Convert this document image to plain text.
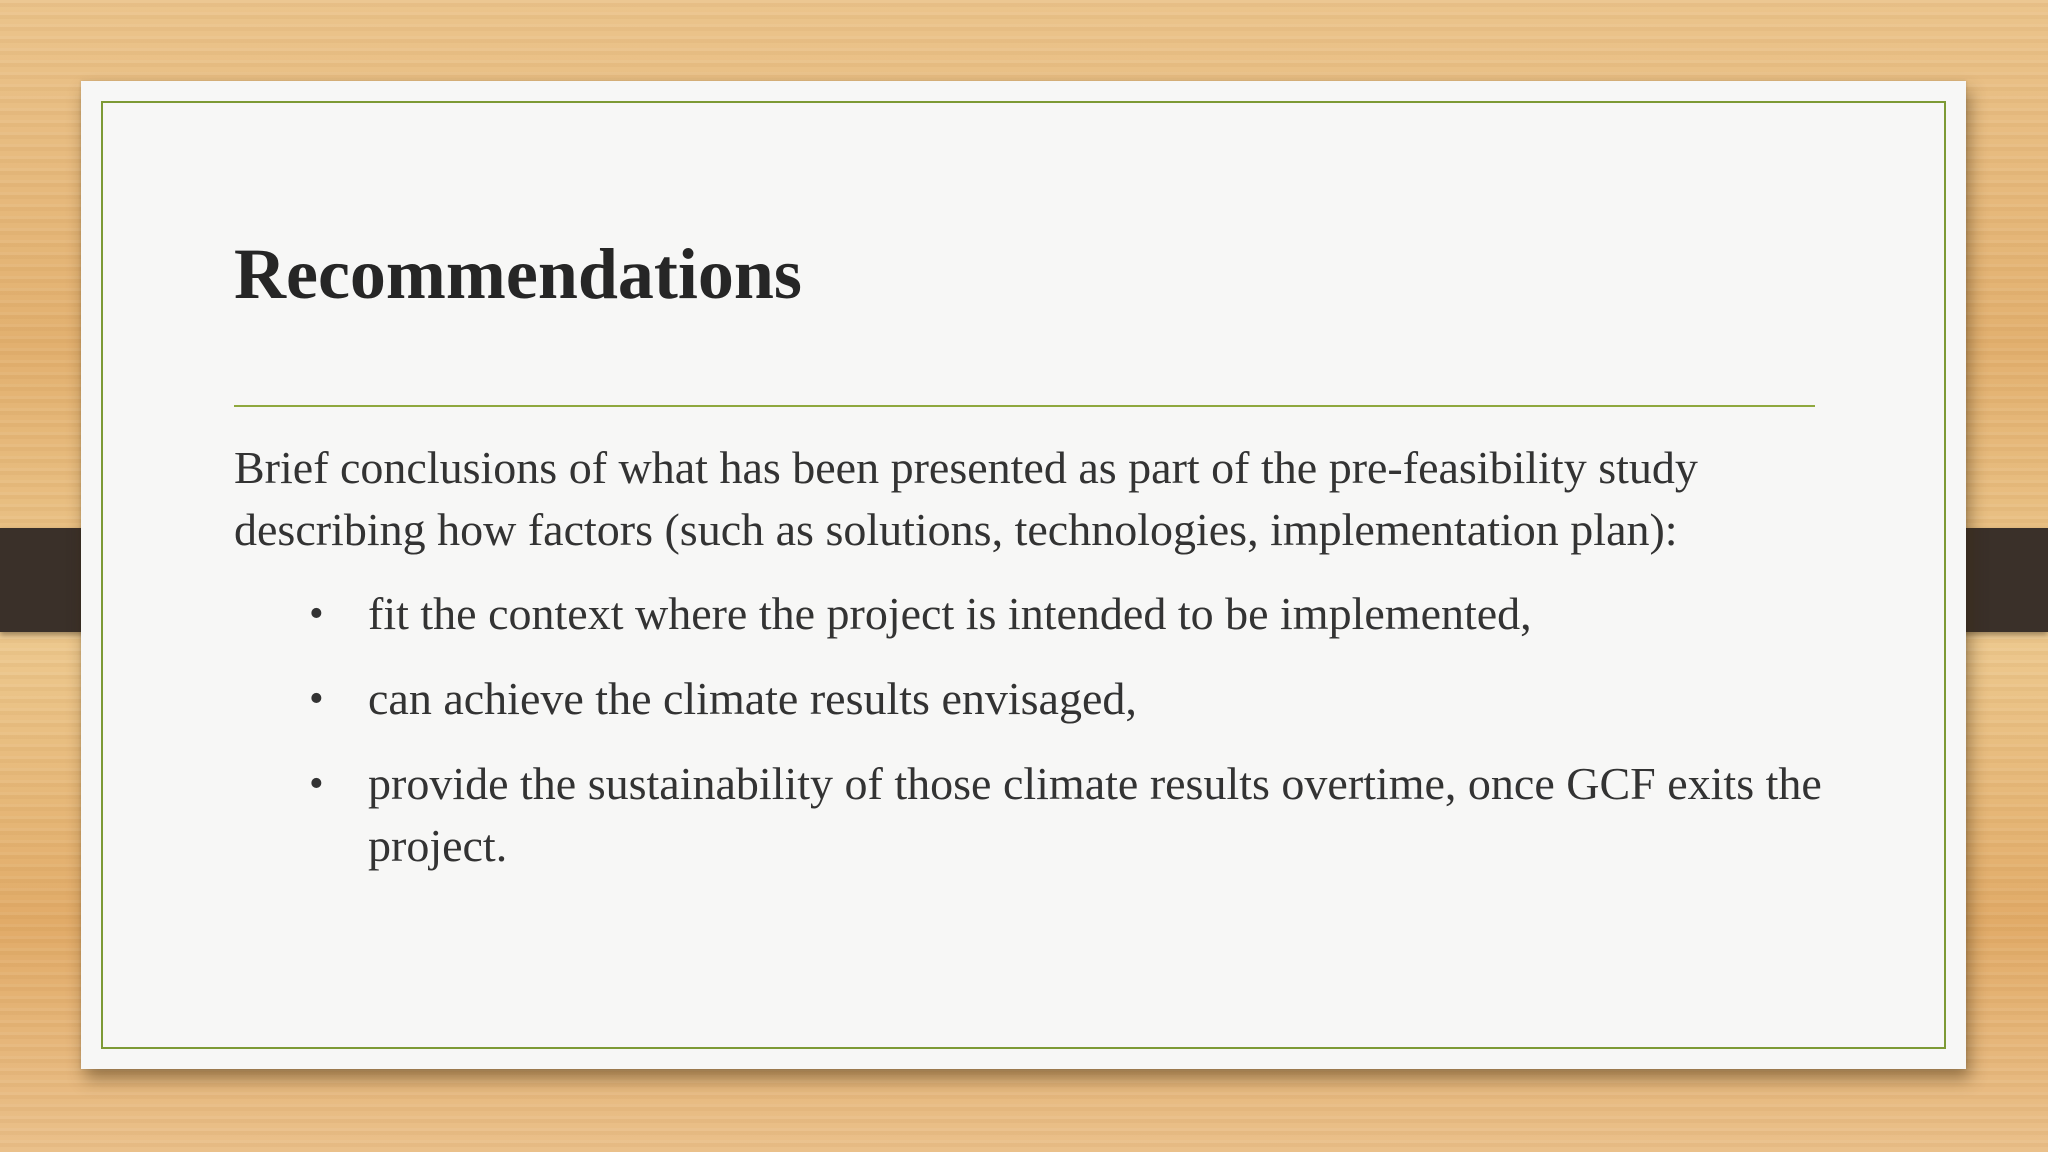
Recommendations

Brief conclusions of what has been presented as part of the pre-feasibility study describing how factors (such as solutions, technologies, implementation plan):

• fit the context where the project is intended to be implemented,
• can achieve the climate results envisaged,
• provide the sustainability of those climate results overtime, once GCF exits the project.
